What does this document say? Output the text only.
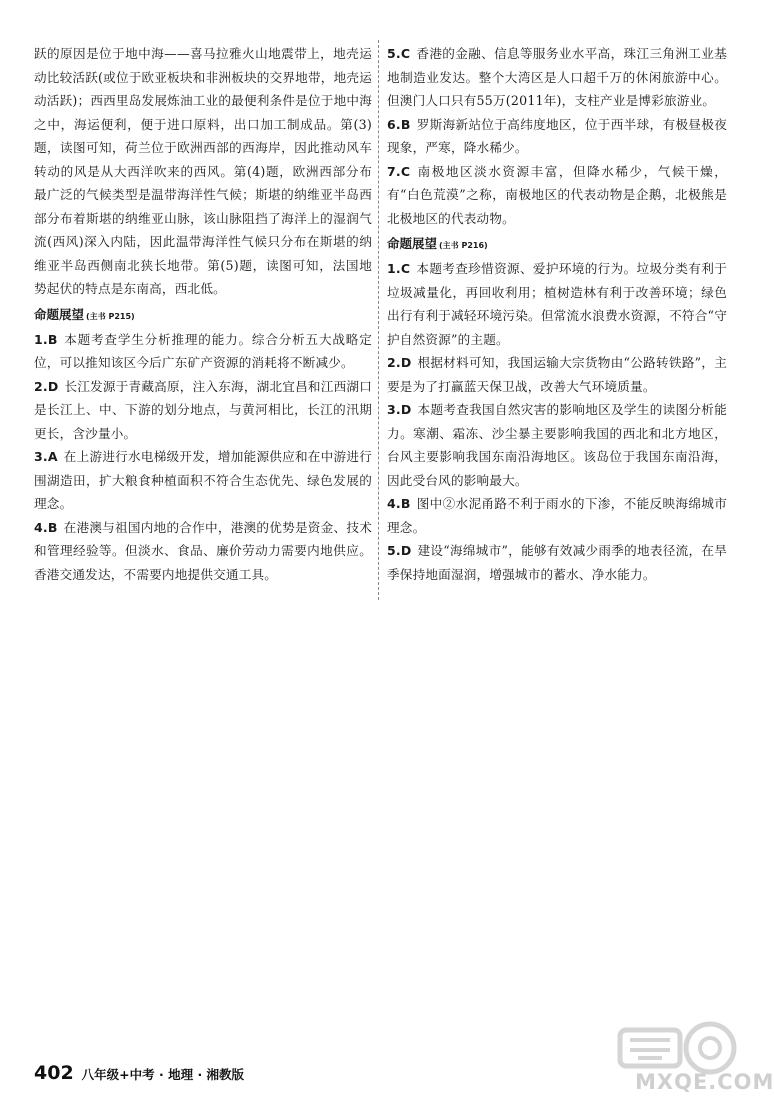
跃的原因是位于地中海——喜马拉雅火山地震带上，地壳运动比较活跃(或位于欧亚板块和非洲板块的交界地带，地壳运动活跃)；西西里岛发展炼油工业的最便利条件是位于地中海之中，海运便利，便于进口原料，出口加工制成品。第(3)题，读图可知，荷兰位于欧洲西部的西海岸，因此推动风车转动的风是从大西洋吹来的西风。第(4)题，欧洲西部分布最广泛的气候类型是温带海洋性气候；斯堪的纳维亚半岛西部分布着斯堪的纳维亚山脉，该山脉阻挡了海洋上的湿润气流(西风)深入内陆，因此温带海洋性气候只分布在斯堪的纳维亚半岛西侧南北狭长地带。第(5)题，读图可知，法国地势起伏的特点是东南高，西北低。

命题展望 (主书 P215)

1.B 本题考查学生分析推理的能力。综合分析五大战略定位，可以推知该区今后广东矿产资源的消耗将不断减少。

2.D 长江发源于青藏高原，注入东海，湖北宜昌和江西湖口是长江上、中、下游的划分地点，与黄河相比，长江的汛期更长，含沙量小。

3.A 在上游进行水电梯级开发，增加能源供应和在中游进行围湖造田，扩大粮食种植面积不符合生态优先、绿色发展的理念。

4.B 在港澳与祖国内地的合作中，港澳的优势是资金、技术和管理经验等。但淡水、食品、廉价劳动力需要内地供应。香港交通发达，不需要内地提供交通工具。

5.C 香港的金融、信息等服务业水平高，珠江三角洲工业基地制造业发达。整个大湾区是人口超千万的休闲旅游中心。但澳门人口只有55万(2011年)，支柱产业是博彩旅游业。

6.B 罗斯海新站位于高纬度地区，位于西半球，有极昼极夜现象，严寒，降水稀少。

7.C 南极地区淡水资源丰富，但降水稀少，气候干燥，有“白色荒漠”之称，南极地区的代表动物是企鹅，北极熊是北极地区的代表动物。

命题展望 (主书 P216)

1.C 本题考查珍惜资源、爱护环境的行为。垃圾分类有利于垃圾减量化，再回收利用；植树造林有利于改善环境；绿色出行有利于减轻环境污染。但常流水浪费水资源，不符合“守护自然资源”的主题。

2.D 根据材料可知，我国运输大宗货物由“公路转铁路”，主要是为了打赢蓝天保卫战，改善大气环境质量。

3.D 本题考查我国自然灾害的影响地区及学生的读图分析能力。寒潮、霜冻、沙尘暴主要影响我国的西北和北方地区，台风主要影响我国东南沿海地区。该岛位于我国东南沿海，因此受台风的影响最大。

4.B 图中②水泥甬路不利于雨水的下渗，不能反映海绵城市理念。

5.D 建设“海绵城市”，能够有效减少雨季的地表径流，在旱季保持地面湿润，增强城市的蓄水、净水能力。

402 八年级+中考 · 地理 · 湘教版	MXQE.COM
